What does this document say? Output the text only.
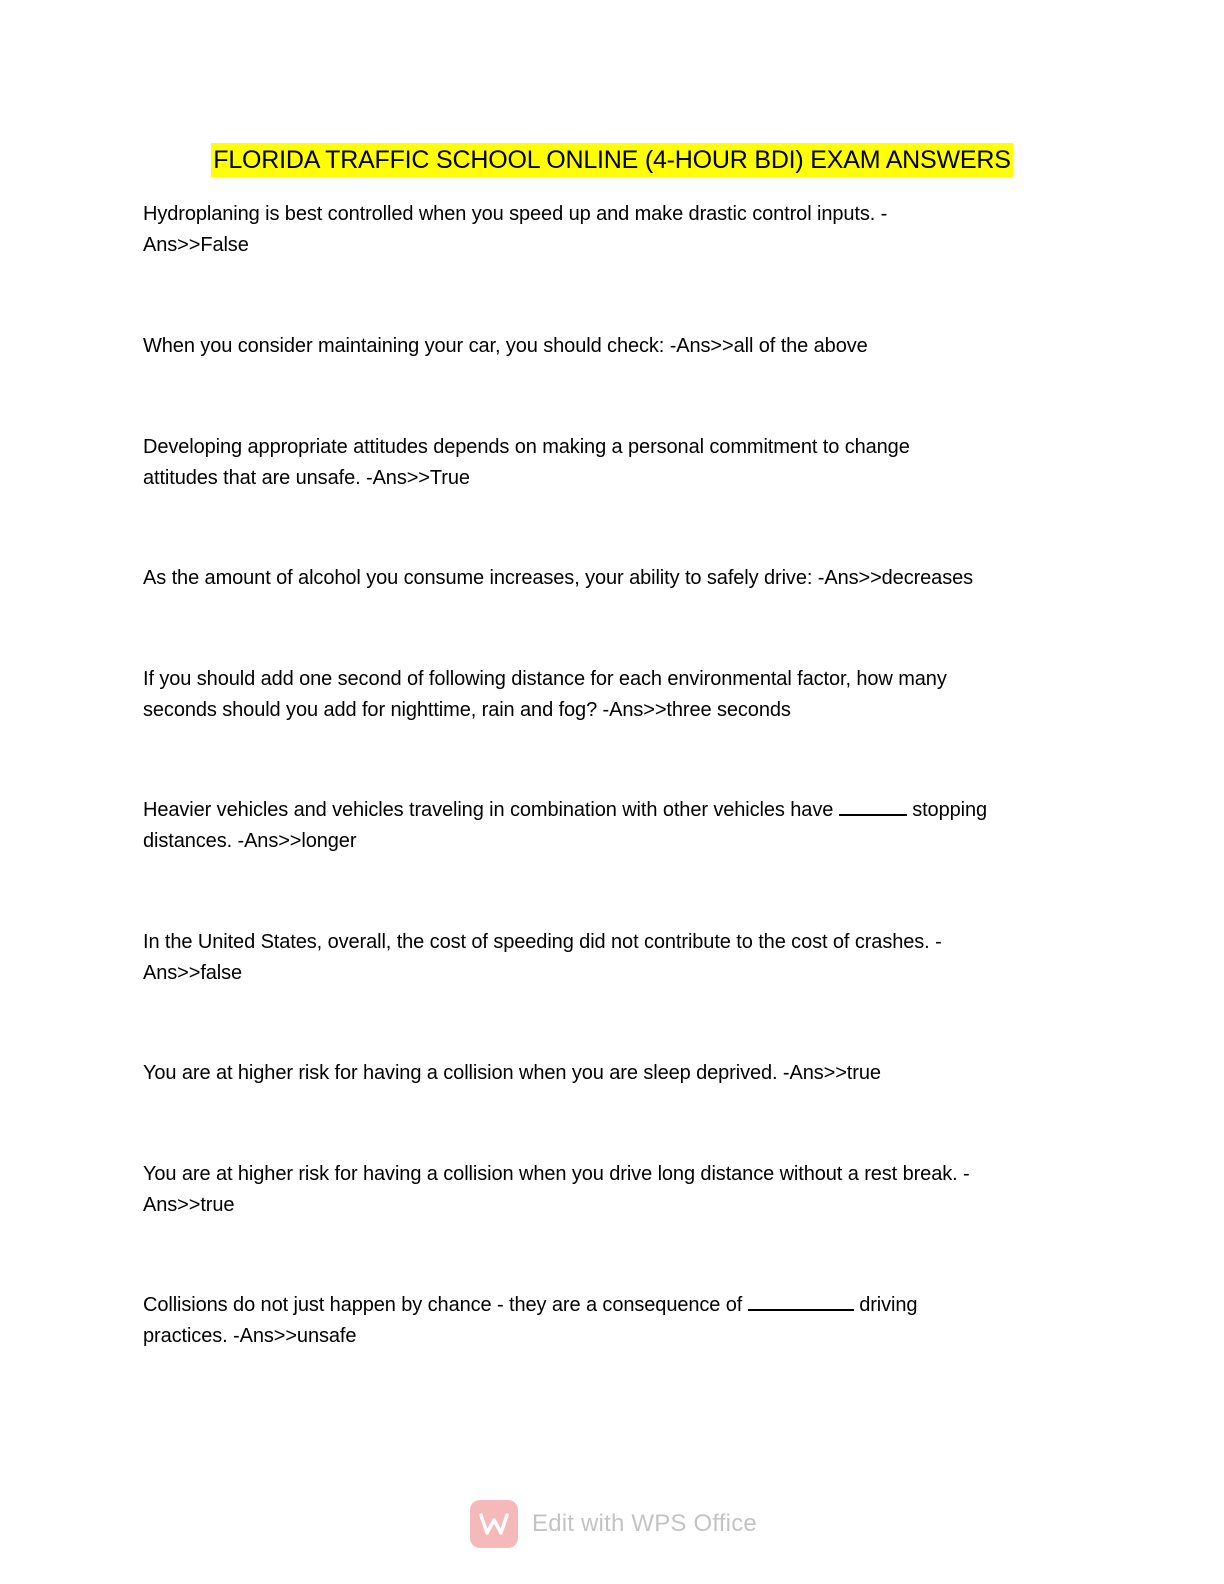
FLORIDA TRAFFIC SCHOOL ONLINE (4-HOUR BDI) EXAM ANSWERS

Hydroplaning is best controlled when you speed up and make drastic control inputs. -

Ans>>False

When you consider maintaining your car, you should check: -Ans>>all of the above

Developing appropriate attitudes depends on making a personal commitment to change

attitudes that are unsafe. -Ans>>True

As the amount of alcohol you consume increases, your ability to safely drive: -Ans>>decreases

If you should add one second of following distance for each environmental factor, how many

seconds should you add for nighttime, rain and fog? -Ans>>three seconds

Heavier vehicles and vehicles traveling in combination with other vehicles have	stopping

distances. -Ans>>longer

In the United States, overall, the cost of speeding did not contribute to the cost of crashes. -

Ans>>false

You are at higher risk for having a collision when you are sleep deprived. -Ans>>true

You are at higher risk for having a collision when you drive long distance without a rest break. -

Ans>>true

Collisions do not just happen by chance - they are a consequence of	driving

practices. -Ans>>unsafe

Edit with WPS Office
